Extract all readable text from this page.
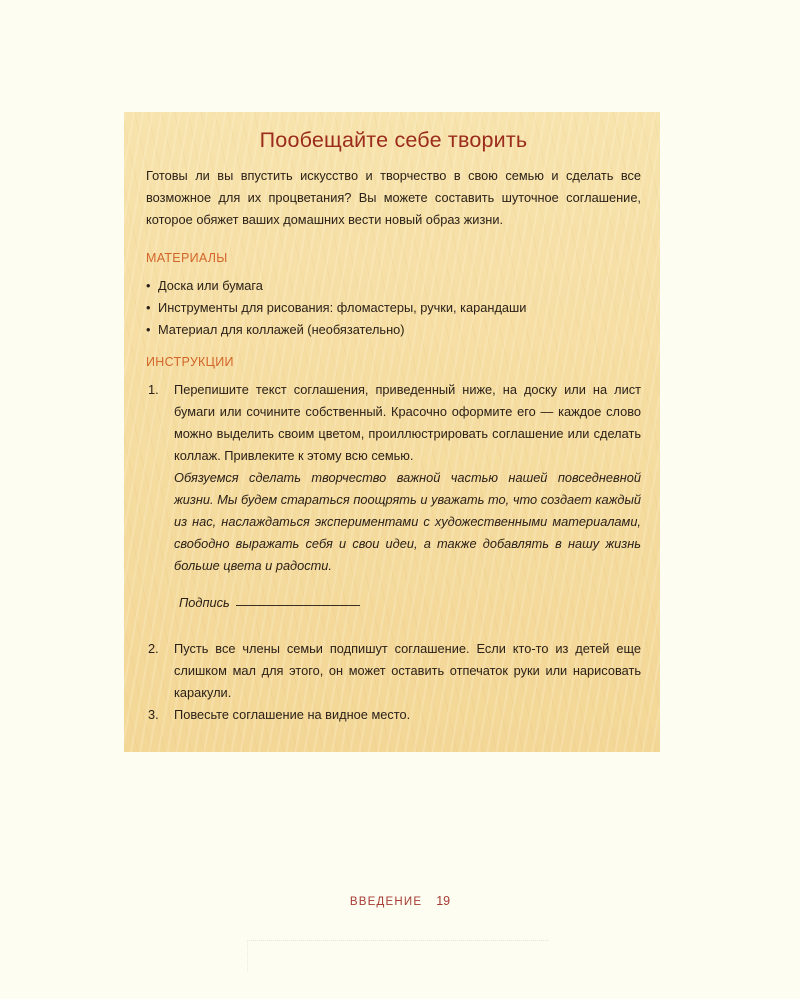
Пообещайте себе творить

Готовы ли вы впустить искусство и творчество в свою семью и сделать все возможное для их процветания? Вы можете составить шуточное соглашение, которое обяжет ваших домашних вести новый образ жизни.

МАТЕРИАЛЫ
• Доска или бумага
• Инструменты для рисования: фломастеры, ручки, карандаши
• Материал для коллажей (необязательно)
ИНСТРУКЦИИ
1. Перепишите текст соглашения, приведенный ниже, на доску или на лист бумаги или сочините собственный. Красочно оформите его — каждое слово можно выделить своим цветом, проиллюстрировать соглашение или сделать коллаж. Привлеките к этому всю семью.
Обязуемся сделать творчество важной частью нашей повседневной жизни. Мы будем стараться поощрять и уважать то, что создает каждый из нас, наслаждаться экспериментами с художественными материалами, свободно выражать себя и свои идеи, а также добавлять в нашу жизнь больше цвета и радости.
Подпись
2. Пусть все члены семьи подпишут соглашение. Если кто-то из детей еще слишком мал для этого, он может оставить отпечаток руки или нарисовать каракули.
3. Повесьте соглашение на видное место.
ВВЕДЕНИЕ 19
